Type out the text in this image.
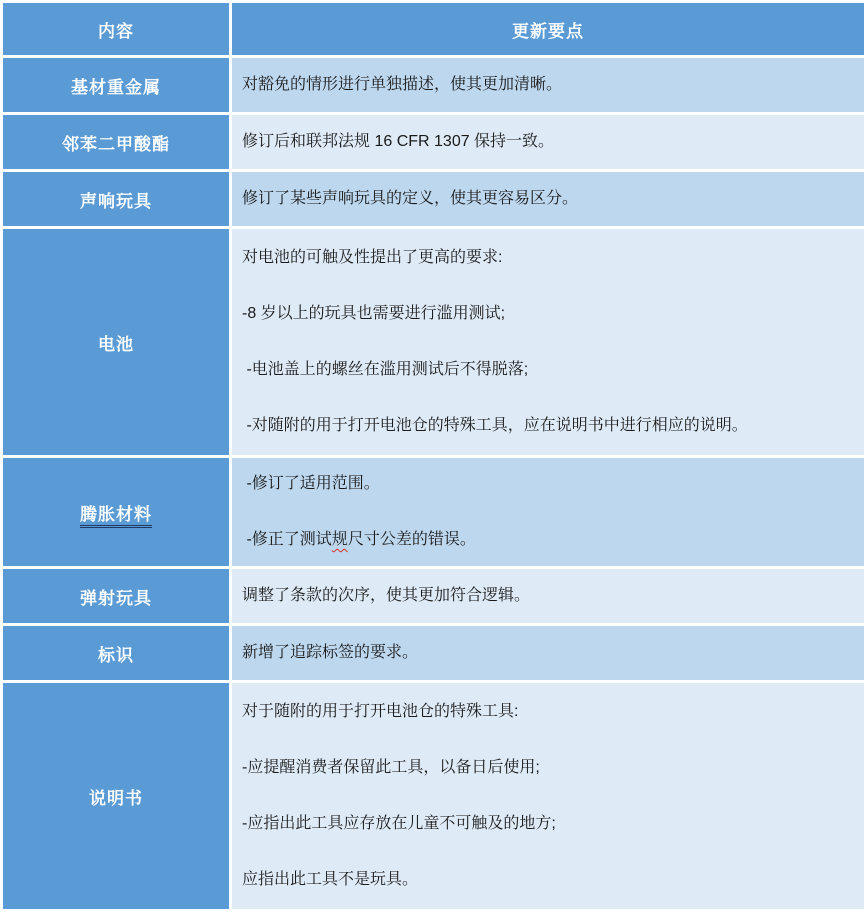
内容	更新要点
基材重金属	对豁免的情形进行单独描述，使其更加清晰。

邻苯二甲酸酯	修订后和联邦法规 16 CFR 1307 保持一致。

声响玩具	修订了某些声响玩具的定义，使其更容易区分。

电池	对电池的可触及性提出了更高的要求:

-8 岁以上的玩具也需要进行滥用测试;

-电池盖上的螺丝在滥用测试后不得脱落;

-对随附的用于打开电池仓的特殊工具，应在说明书中进行相应的说明。

腾胀材料	-修订了适用范围。

-修正了测试规尺寸公差的错误。

弹射玩具	调整了条款的次序，使其更加符合逻辑。

标识	新增了追踪标签的要求。

说明书	对于随附的用于打开电池仓的特殊工具:

-应提醒消费者保留此工具，以备日后使用;

-应指出此工具应存放在儿童不可触及的地方;

应指出此工具不是玩具。
